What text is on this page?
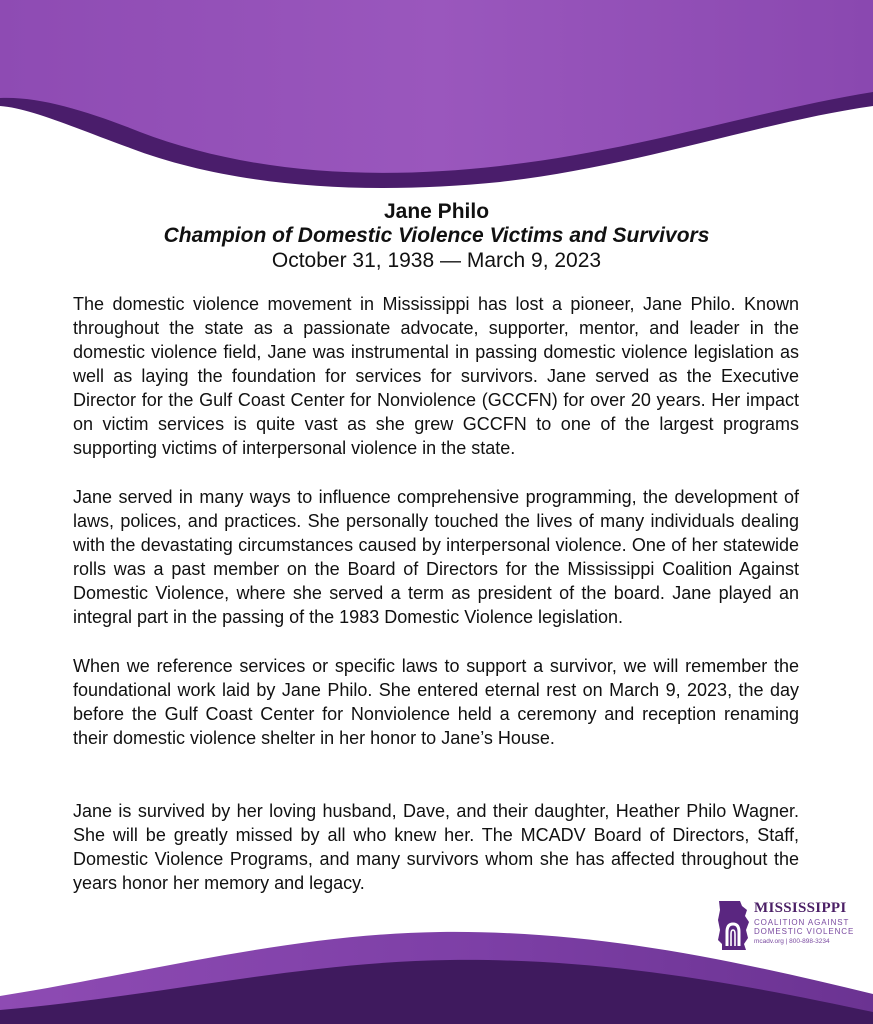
Jane Philo
Champion of Domestic Violence Victims and Survivors
October 31, 1938 — March 9, 2023

The domestic violence movement in Mississippi has lost a pioneer, Jane Philo. Known throughout the state as a passionate advocate, supporter, mentor, and leader in the domestic violence field, Jane was instrumental in passing domestic violence legislation as well as laying the foundation for services for survivors. Jane served as the Executive Director for the Gulf Coast Center for Nonviolence (GCCFN) for over 20 years. Her impact on victim services is quite vast as she grew GCCFN to one of the largest programs supporting victims of interpersonal violence in the state.

Jane served in many ways to influence comprehensive programming, the development of laws, polices, and practices. She personally touched the lives of many individuals dealing with the devastating circumstances caused by interpersonal violence. One of her statewide rolls was a past member on the Board of Directors for the Mississippi Coalition Against Domestic Violence, where she served a term as president of the board. Jane played an integral part in the passing of the 1983 Domestic Violence legislation.

When we reference services or specific laws to support a survivor, we will remember the foundational work laid by Jane Philo. She entered eternal rest on March 9, 2023, the day before the Gulf Coast Center for Nonviolence held a ceremony and reception renaming their domestic violence shelter in her honor to Jane’s House.

Jane is survived by her loving husband, Dave, and their daughter, Heather Philo Wagner. She will be greatly missed by all who knew her. The MCADV Board of Directors, Staff, Domestic Violence Programs, and many survivors whom she has affected throughout the years honor her memory and legacy.

MISSISSIPPI
COALITION AGAINST
DOMESTIC VIOLENCE
mcadv.org | 800-898-3234
